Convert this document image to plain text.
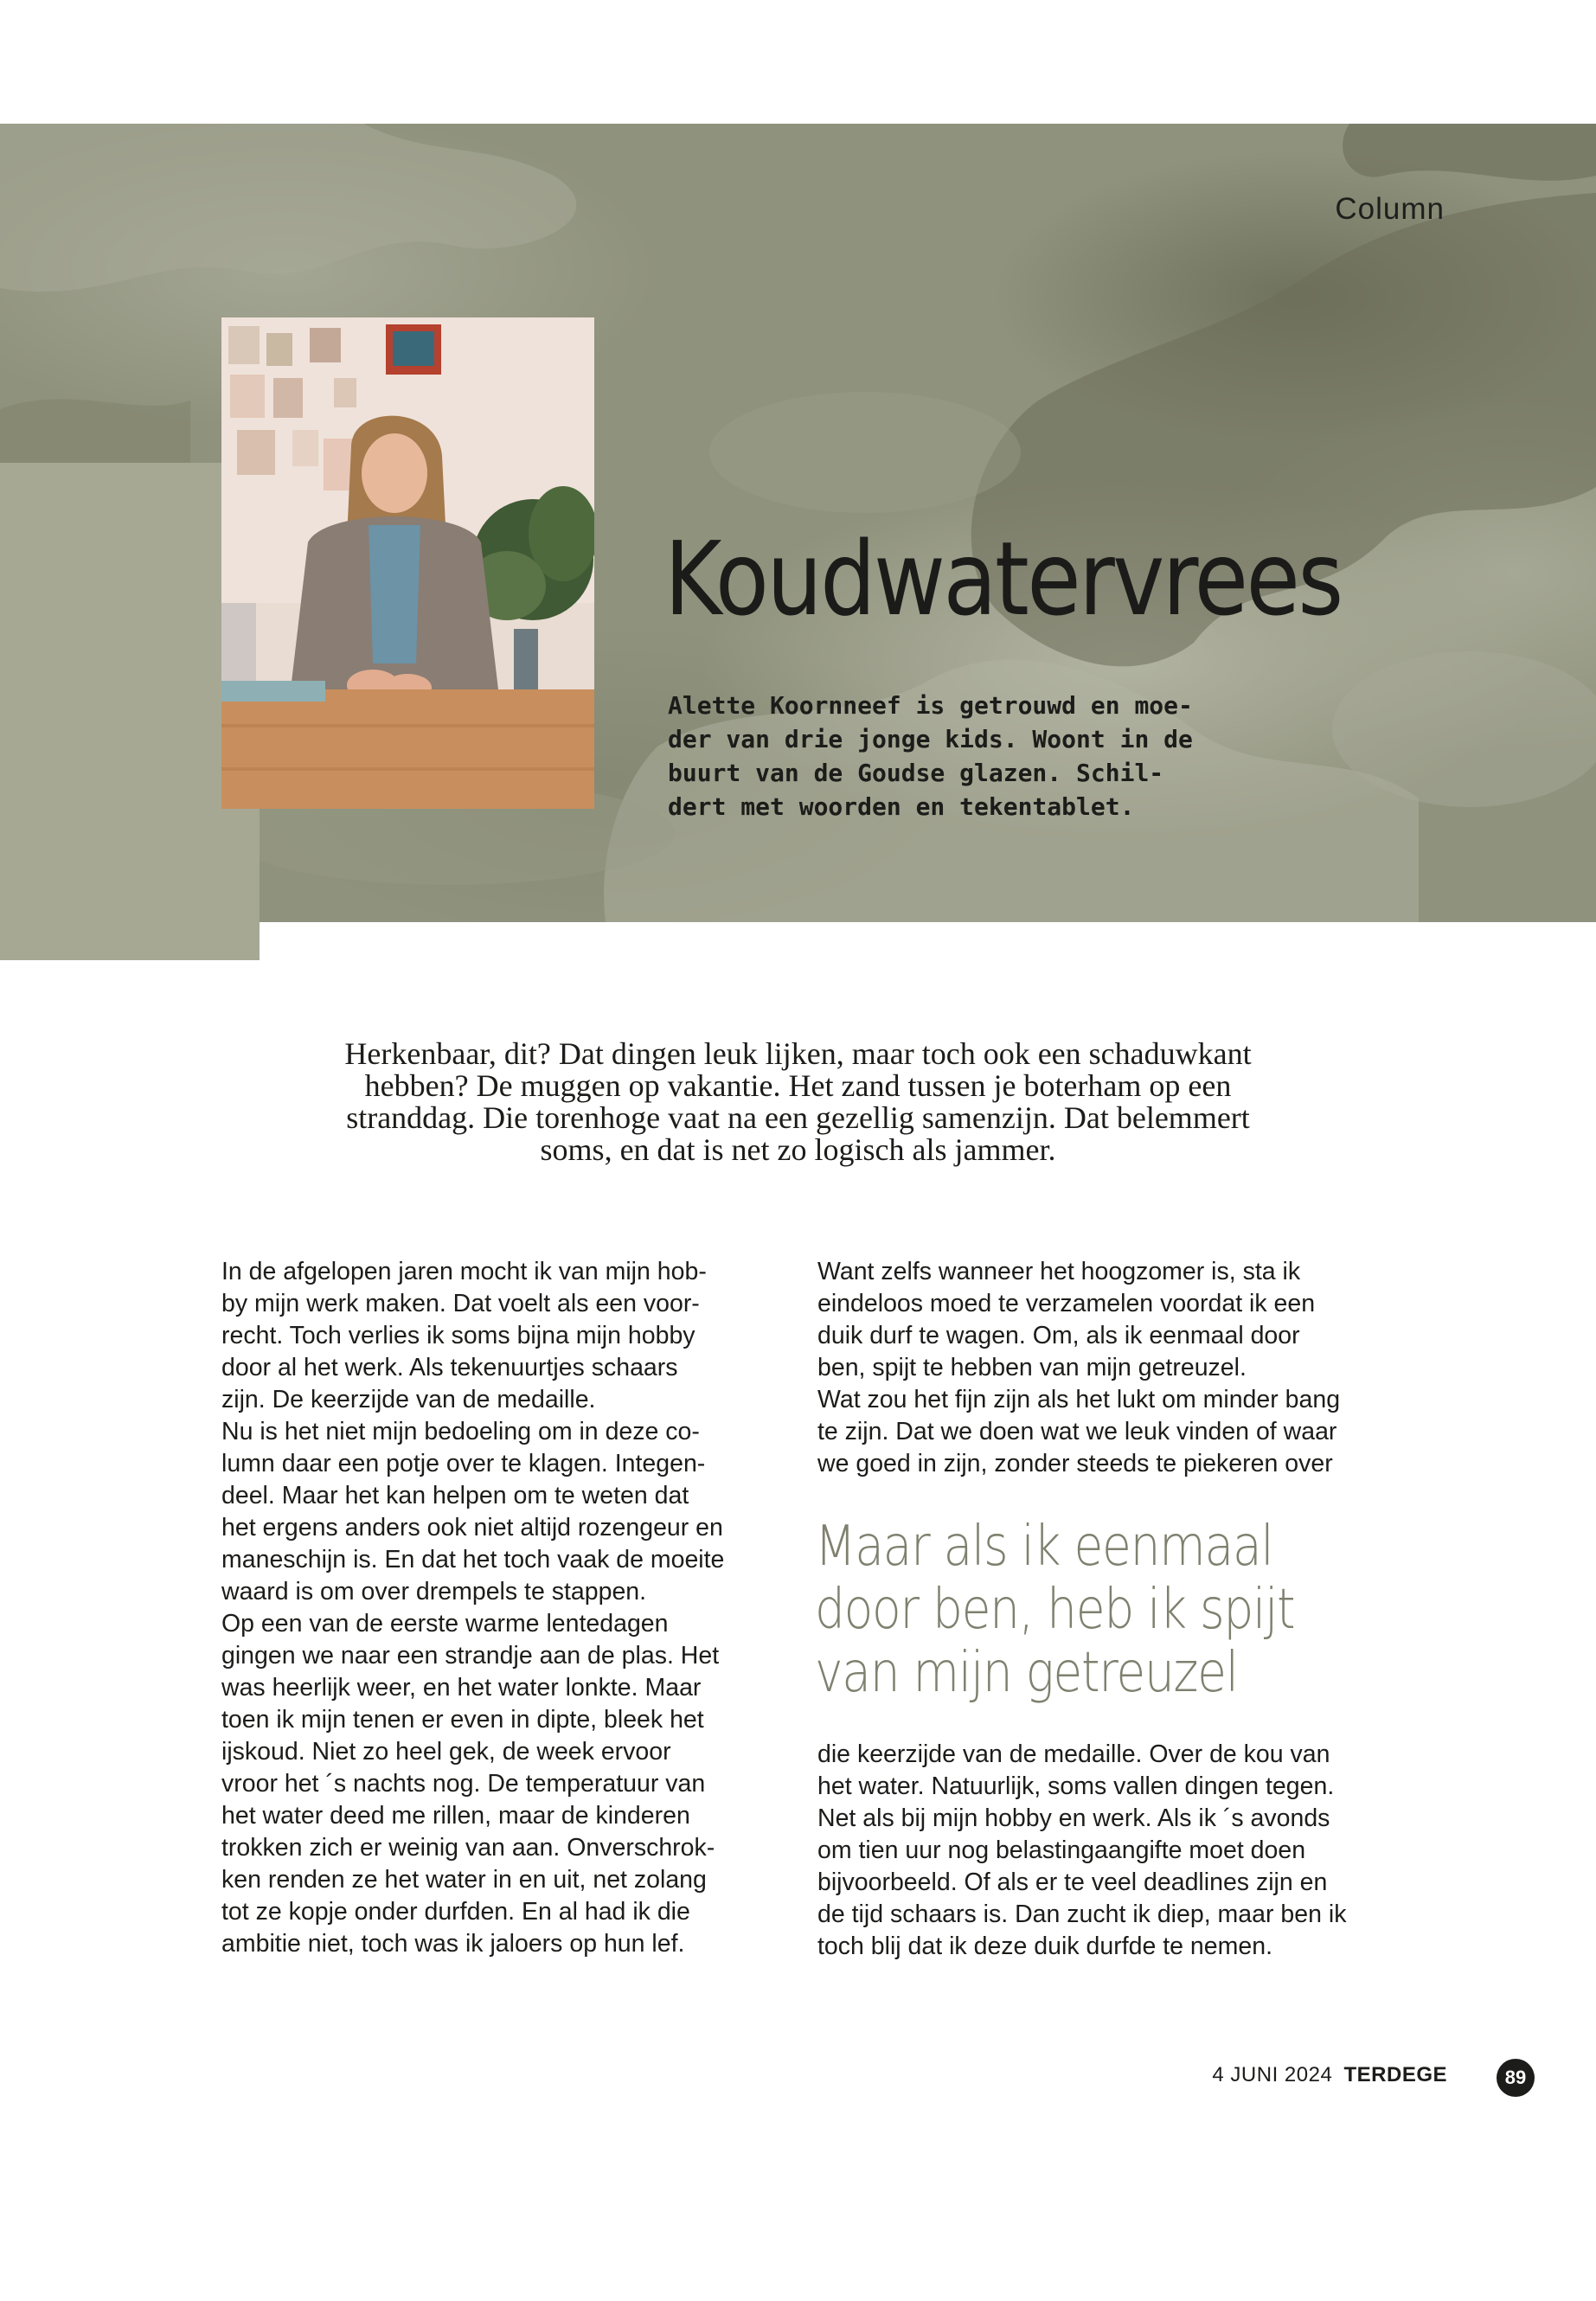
Column
Koudwatervrees
Alette Koornneef is getrouwd en moe-
der van drie jonge kids. Woont in de
buurt van de Goudse glazen. Schil-
dert met woorden en tekentablet.
Herkenbaar, dit? Dat dingen leuk lijken, maar toch ook een schaduwkant
hebben? De muggen op vakantie. Het zand tussen je boterham op een
stranddag. Die torenhoge vaat na een gezellig samenzijn. Dat belemmert
soms, en dat is net zo logisch als jammer.
In de afgelopen jaren mocht ik van mijn hob-
by mijn werk maken. Dat voelt als een voor-
recht. Toch verlies ik soms bijna mijn hobby
door al het werk. Als tekenuurtjes schaars
zijn. De keerzijde van de medaille.
Nu is het niet mijn bedoeling om in deze co-
lumn daar een potje over te klagen. Integen-
deel. Maar het kan helpen om te weten dat
het ergens anders ook niet altijd rozengeur en
maneschijn is. En dat het toch vaak de moeite
waard is om over drempels te stappen.
Op een van de eerste warme lentedagen
gingen we naar een strandje aan de plas. Het
was heerlijk weer, en het water lonkte. Maar
toen ik mijn tenen er even in dipte, bleek het
ijskoud. Niet zo heel gek, de week ervoor
vroor het ´s nachts nog. De temperatuur van
het water deed me rillen, maar de kinderen
trokken zich er weinig van aan. Onverschrok-
ken renden ze het water in en uit, net zolang
tot ze kopje onder durfden. En al had ik die
ambitie niet, toch was ik jaloers op hun lef.
Want zelfs wanneer het hoogzomer is, sta ik
eindeloos moed te verzamelen voordat ik een
duik durf te wagen. Om, als ik eenmaal door
ben, spijt te hebben van mijn getreuzel.
Wat zou het fijn zijn als het lukt om minder bang
te zijn. Dat we doen wat we leuk vinden of waar
we goed in zijn, zonder steeds te piekeren over
Maar als ik eenmaal
door ben, heb ik spijt
van mijn getreuzel
die keerzijde van de medaille. Over de kou van
het water. Natuurlijk, soms vallen dingen tegen.
Net als bij mijn hobby en werk. Als ik ´s avonds
om tien uur nog belastingaangifte moet doen
bijvoorbeeld. Of als er te veel deadlines zijn en
de tijd schaars is. Dan zucht ik diep, maar ben ik
toch blij dat ik deze duik durfde te nemen.
4 JUNI 2024 TERDEGE	89
